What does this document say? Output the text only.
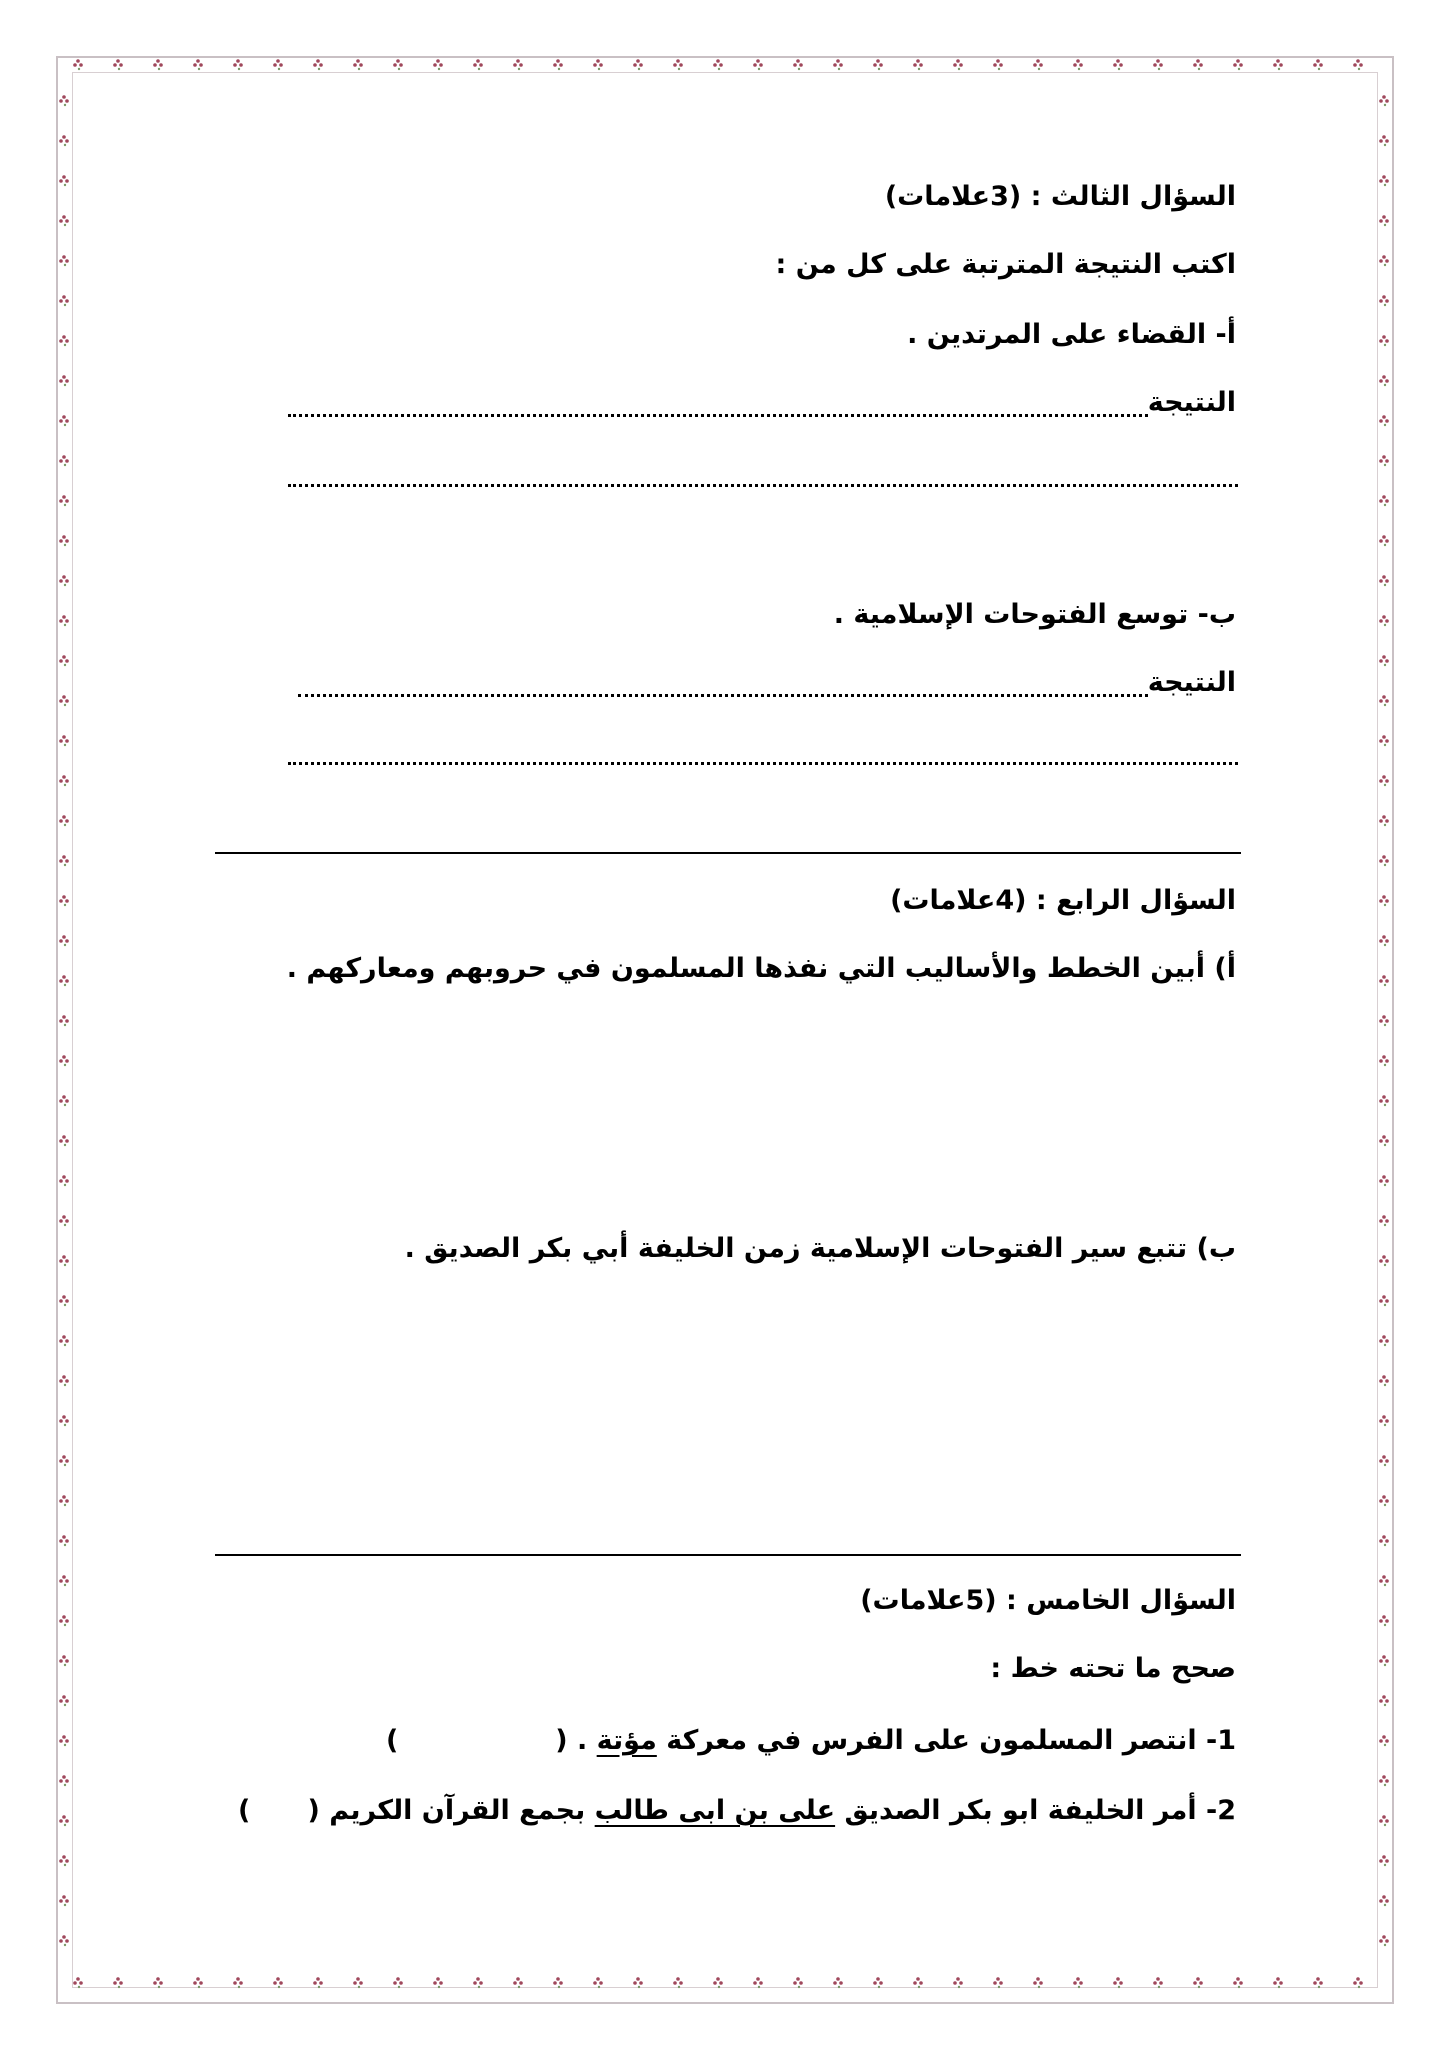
السؤال الثالث : (3علامات)
اكتب النتيجة المترتبة على كل من :
أ- القضاء على المرتدين .
النتيجة
ب- توسع الفتوحات الإسلامية .
النتيجة
السؤال الرابع : (4علامات)
أ) أبين الخطط والأساليب التي نفذها المسلمون في حروبهم ومعاركهم .
ب) تتبع سير الفتوحات الإسلامية زمن الخليفة أبي بكر الصديق .
السؤال الخامس : (5علامات)
صحح ما تحته خط :
1- انتصر المسلمون على الفرس في معركة مؤتة . (
)
2- أمر الخليفة ابو بكر الصديق على بن ابى طالب بجمع القرآن الكريم (
)
